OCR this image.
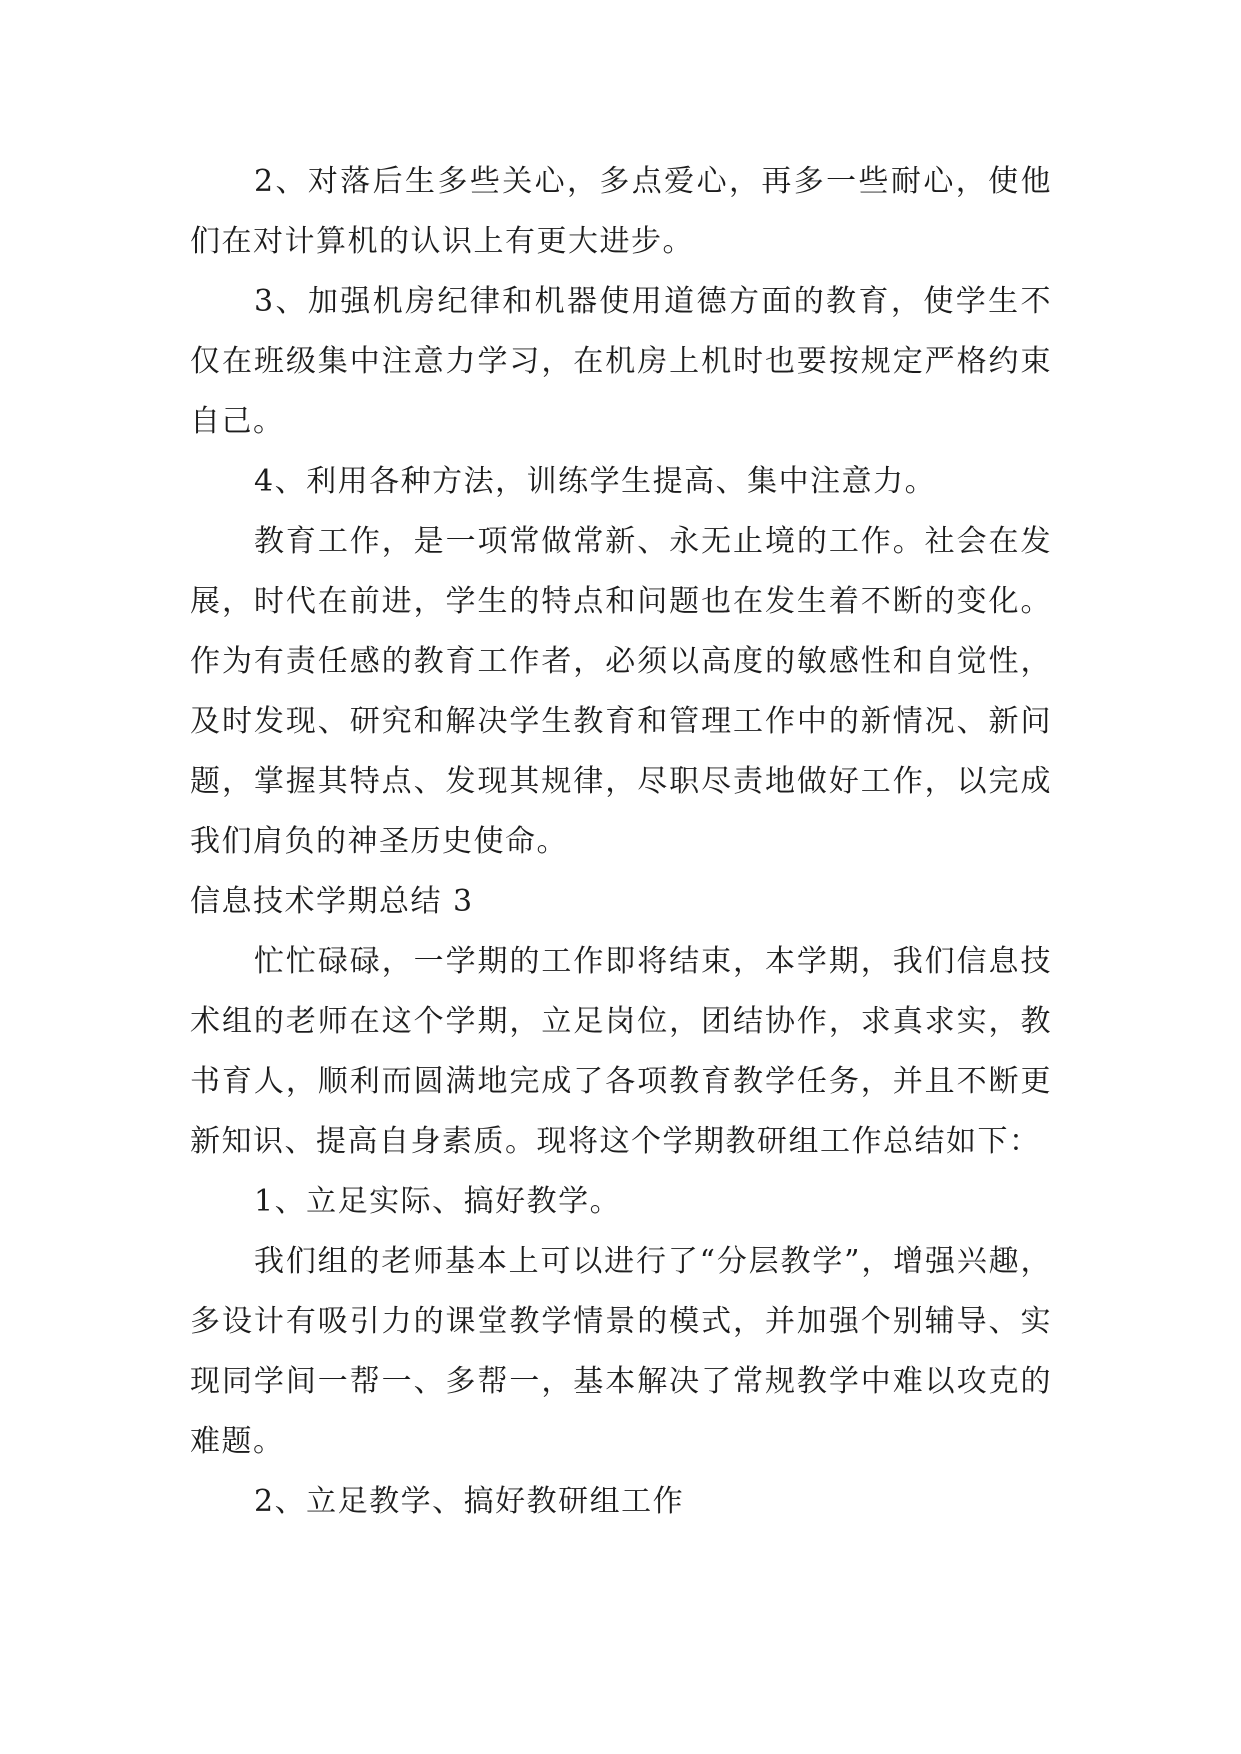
2、对落后生多些关心，多点爱心，再多一些耐心，使他们在对计算机的认识上有更大进步。

3、加强机房纪律和机器使用道德方面的教育，使学生不仅在班级集中注意力学习，在机房上机时也要按规定严格约束自己。

4、利用各种方法，训练学生提高、集中注意力。

教育工作，是一项常做常新、永无止境的工作。社会在发展，时代在前进，学生的特点和问题也在发生着不断的变化。作为有责任感的教育工作者，必须以高度的敏感性和自觉性，及时发现、研究和解决学生教育和管理工作中的新情况、新问题，掌握其特点、发现其规律，尽职尽责地做好工作，以完成我们肩负的神圣历史使命。

信息技术学期总结 3

忙忙碌碌，一学期的工作即将结束，本学期，我们信息技术组的老师在这个学期，立足岗位，团结协作，求真求实，教书育人，顺利而圆满地完成了各项教育教学任务，并且不断更新知识、提高自身素质。现将这个学期教研组工作总结如下：

1、立足实际、搞好教学。

我们组的老师基本上可以进行了“分层教学”，增强兴趣，多设计有吸引力的课堂教学情景的模式，并加强个别辅导、实现同学间一帮一、多帮一，基本解决了常规教学中难以攻克的难题。

2、立足教学、搞好教研组工作
